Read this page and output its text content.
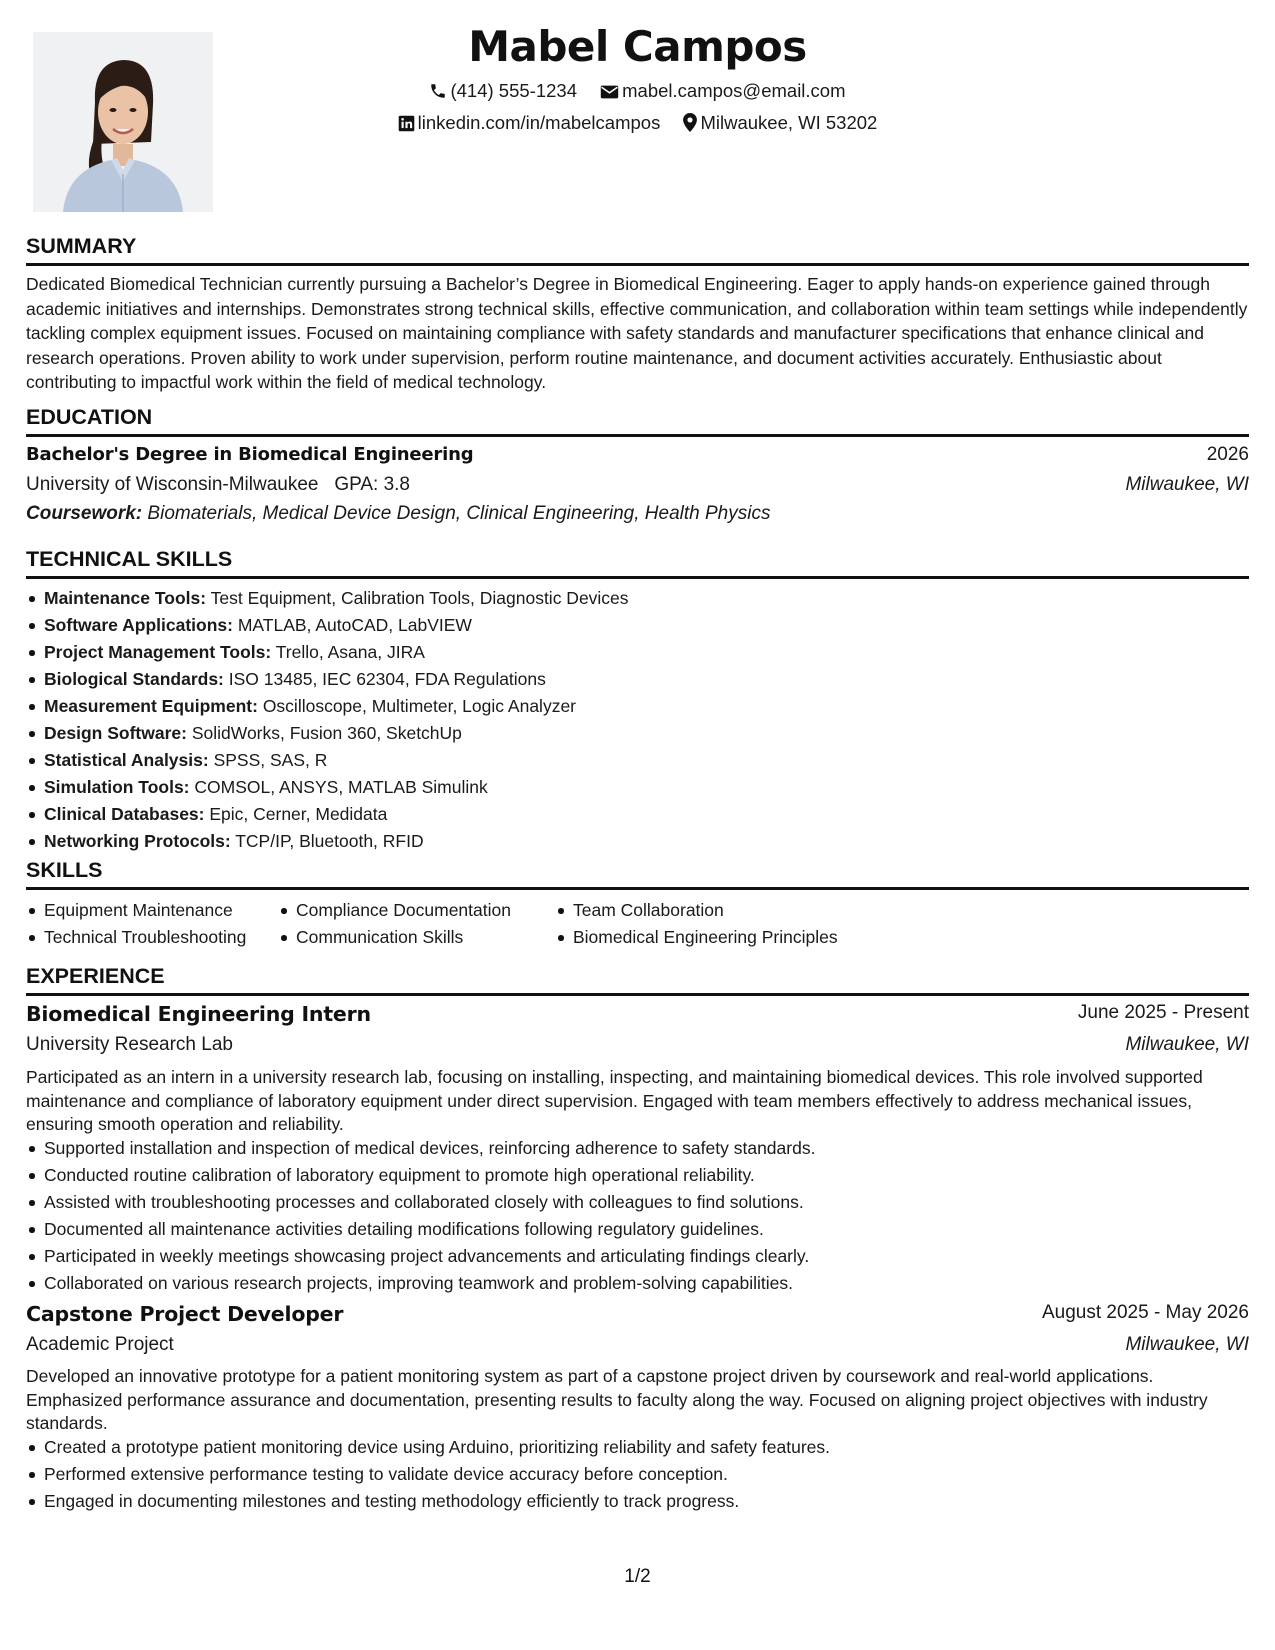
Mabel Campos
(414) 555-1234 mabel.campos@email.com
linkedin.com/in/mabelcampos Milwaukee, WI 53202
SUMMARY
Dedicated Biomedical Technician currently pursuing a Bachelor’s Degree in Biomedical Engineering. Eager to apply hands-on experience gained through academic initiatives and internships. Demonstrates strong technical skills, effective communication, and collaboration within team settings while independently tackling complex equipment issues. Focused on maintaining compliance with safety standards and manufacturer specifications that enhance clinical and research operations. Proven ability to work under supervision, perform routine maintenance, and document activities accurately. Enthusiastic about contributing to impactful work within the field of medical technology.
EDUCATION
Bachelor's Degree in Biomedical Engineering	2026
University of Wisconsin-Milwaukee GPA: 3.8	Milwaukee, WI
Coursework: Biomaterials, Medical Device Design, Clinical Engineering, Health Physics
TECHNICAL SKILLS
Maintenance Tools: Test Equipment, Calibration Tools, Diagnostic Devices
Software Applications: MATLAB, AutoCAD, LabVIEW
Project Management Tools: Trello, Asana, JIRA
Biological Standards: ISO 13485, IEC 62304, FDA Regulations
Measurement Equipment: Oscilloscope, Multimeter, Logic Analyzer
Design Software: SolidWorks, Fusion 360, SketchUp
Statistical Analysis: SPSS, SAS, R
Simulation Tools: COMSOL, ANSYS, MATLAB Simulink
Clinical Databases: Epic, Cerner, Medidata
Networking Protocols: TCP/IP, Bluetooth, RFID
SKILLS
Equipment Maintenance
Technical Troubleshooting
Compliance Documentation
Communication Skills
Team Collaboration
Biomedical Engineering Principles
EXPERIENCE
Biomedical Engineering Intern	June 2025 - Present
University Research Lab	Milwaukee, WI
Participated as an intern in a university research lab, focusing on installing, inspecting, and maintaining biomedical devices. This role involved supported maintenance and compliance of laboratory equipment under direct supervision. Engaged with team members effectively to address mechanical issues, ensuring smooth operation and reliability.
Supported installation and inspection of medical devices, reinforcing adherence to safety standards.
Conducted routine calibration of laboratory equipment to promote high operational reliability.
Assisted with troubleshooting processes and collaborated closely with colleagues to find solutions.
Documented all maintenance activities detailing modifications following regulatory guidelines.
Participated in weekly meetings showcasing project advancements and articulating findings clearly.
Collaborated on various research projects, improving teamwork and problem-solving capabilities.
Capstone Project Developer	August 2025 - May 2026
Academic Project	Milwaukee, WI
Developed an innovative prototype for a patient monitoring system as part of a capstone project driven by coursework and real-world applications. Emphasized performance assurance and documentation, presenting results to faculty along the way. Focused on aligning project objectives with industry standards.
Created a prototype patient monitoring device using Arduino, prioritizing reliability and safety features.
Performed extensive performance testing to validate device accuracy before conception.
Engaged in documenting milestones and testing methodology efficiently to track progress.
1/2
